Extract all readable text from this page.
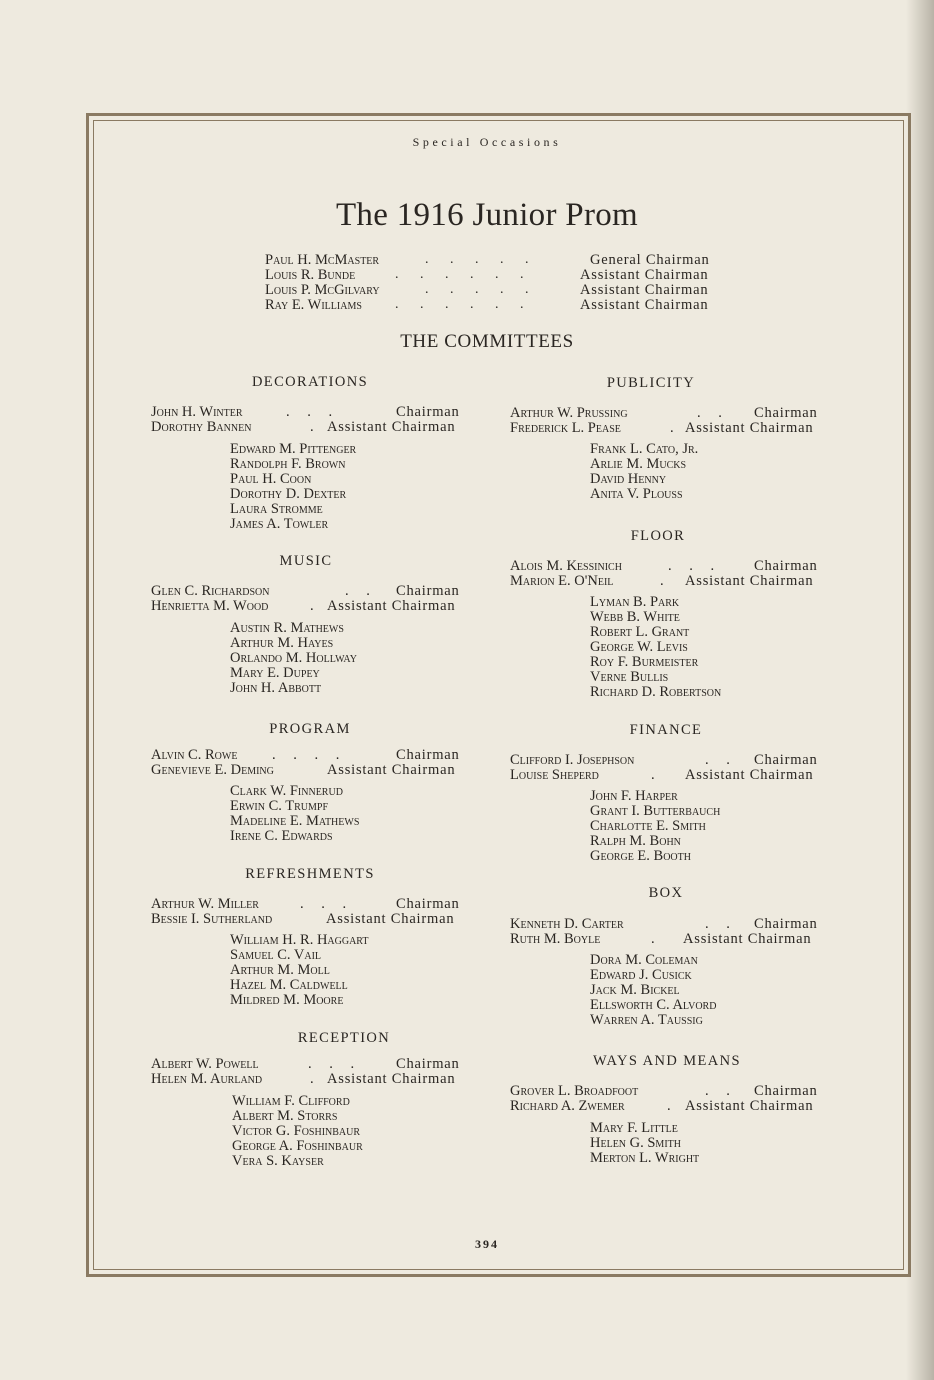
Special Occasions
The 1916 Junior Prom
Paul H. McMaster	. . . . .	General Chairman
Louis R. Bunde	. . . . . .	Assistant Chairman
Louis P. McGilvary	. . . . .	Assistant Chairman
Ray E. Williams . . . . . .	Assistant Chairman
THE COMMITTEES
DECORATIONS
John H. Winter	. . .	Chairman
Dorothy Bannen	. Assistant Chairman
Edward M. Pittenger
Randolph F. Brown
Paul H. Coon
Dorothy D. Dexter
Laura Stromme
James A. Towler
MUSIC
Glen C. Richardson	. . Chairman
Henrietta M. Wood	. Assistant Chairman
Austin R. Mathews
Arthur M. Hayes
Orlando M. Hollway
Mary E. Dupey
John H. Abbott
PROGRAM
Alvin C. Rowe . . . .	Chairman
Genevieve E. Deming	Assistant Chairman
Clark W. Finnerud
Erwin C. Trumpf
Madeline E. Mathews
Irene C. Edwards
REFRESHMENTS
Arthur W. Miller	. . .	Chairman
Bessie I. Sutherland	Assistant Chairman
William H. R. Haggart
Samuel C. Vail
Arthur M. Moll
Hazel M. Caldwell
Mildred M. Moore
RECEPTION
Albert W. Powell	. . . Chairman
Helen M. Aurland	. Assistant Chairman
William F. Clifford
Albert M. Storrs
Victor G. Foshinbaur
George A. Foshinbaur
Vera S. Kayser
PUBLICITY
Arthur W. Prussing	. . Chairman
Frederick L. Pease	. Assistant Chairman
Frank L. Cato, Jr.
Arlie M. Mucks
David Henny
Anita V. Plouss
FLOOR
Alois M. Kessinich	. . . Chairman
Marion E. O'Neil	. Assistant Chairman
Lyman B. Park
Webb B. White
Robert L. Grant
George W. Levis
Roy F. Burmeister
Verne Bullis
Richard D. Robertson
FINANCE
Clifford I. Josephson	. . Chairman
Louise Sheperd	. Assistant Chairman
John F. Harper
Grant I. Butterbauch
Charlotte E. Smith
Ralph M. Bohn
George E. Booth
BOX
Kenneth D. Carter	. . Chairman
Ruth M. Boyle	. Assistant Chairman
Dora M. Coleman
Edward J. Cusick
Jack M. Bickel
Ellsworth C. Alvord
Warren A. Taussig
WAYS AND MEANS
Grover L. Broadfoot	. . Chairman
Richard A. Zwemer	. Assistant Chairman
Mary F. Little
Helen G. Smith
Merton L. Wright
394
